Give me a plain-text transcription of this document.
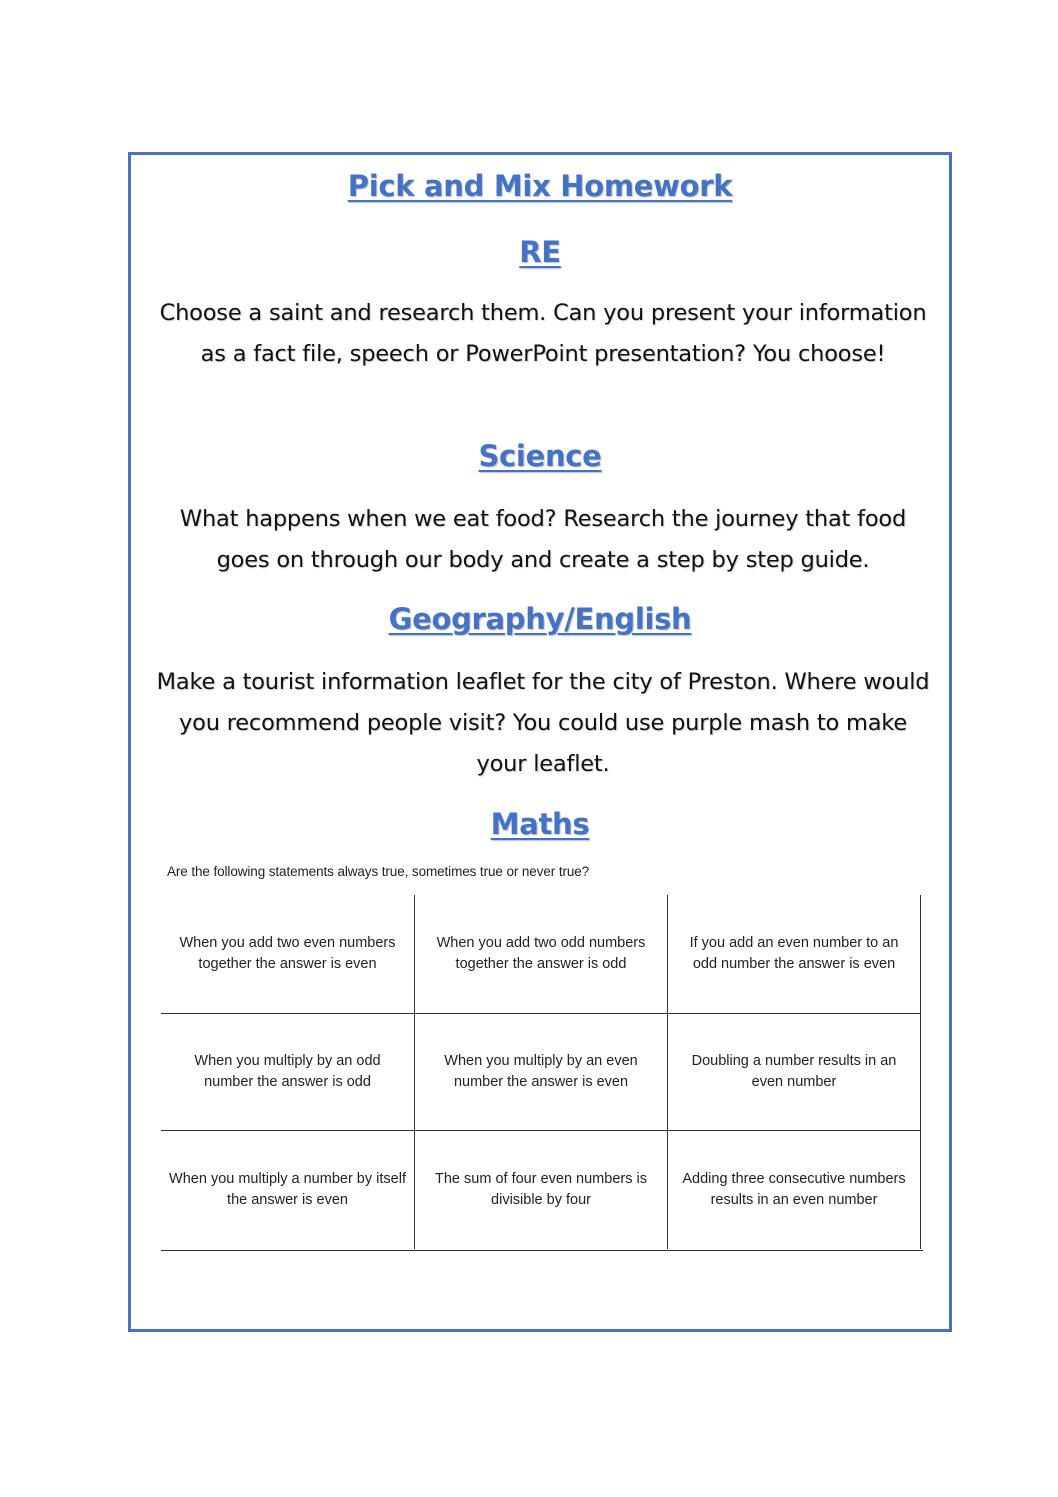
Pick and Mix Homework
RE
Choose a saint and research them. Can you present your information as a fact file, speech or PowerPoint presentation? You choose!
Science
What happens when we eat food? Research the journey that food goes on through our body and create a step by step guide.
Geography/English
Make a tourist information leaflet for the city of Preston. Where would you recommend people visit? You could use purple mash to make your leaflet.
Maths
Are the following statements always true, sometimes true or never true?
When you add two even numbers together the answer is even
When you add two odd numbers together the answer is odd
If you add an even number to an odd number the answer is even
When you multiply by an odd number the answer is odd
When you multiply by an even number the answer is even
Doubling a number results in an even number
When you multiply a number by itself the answer is even
The sum of four even numbers is divisible by four
Adding three consecutive numbers results in an even number
